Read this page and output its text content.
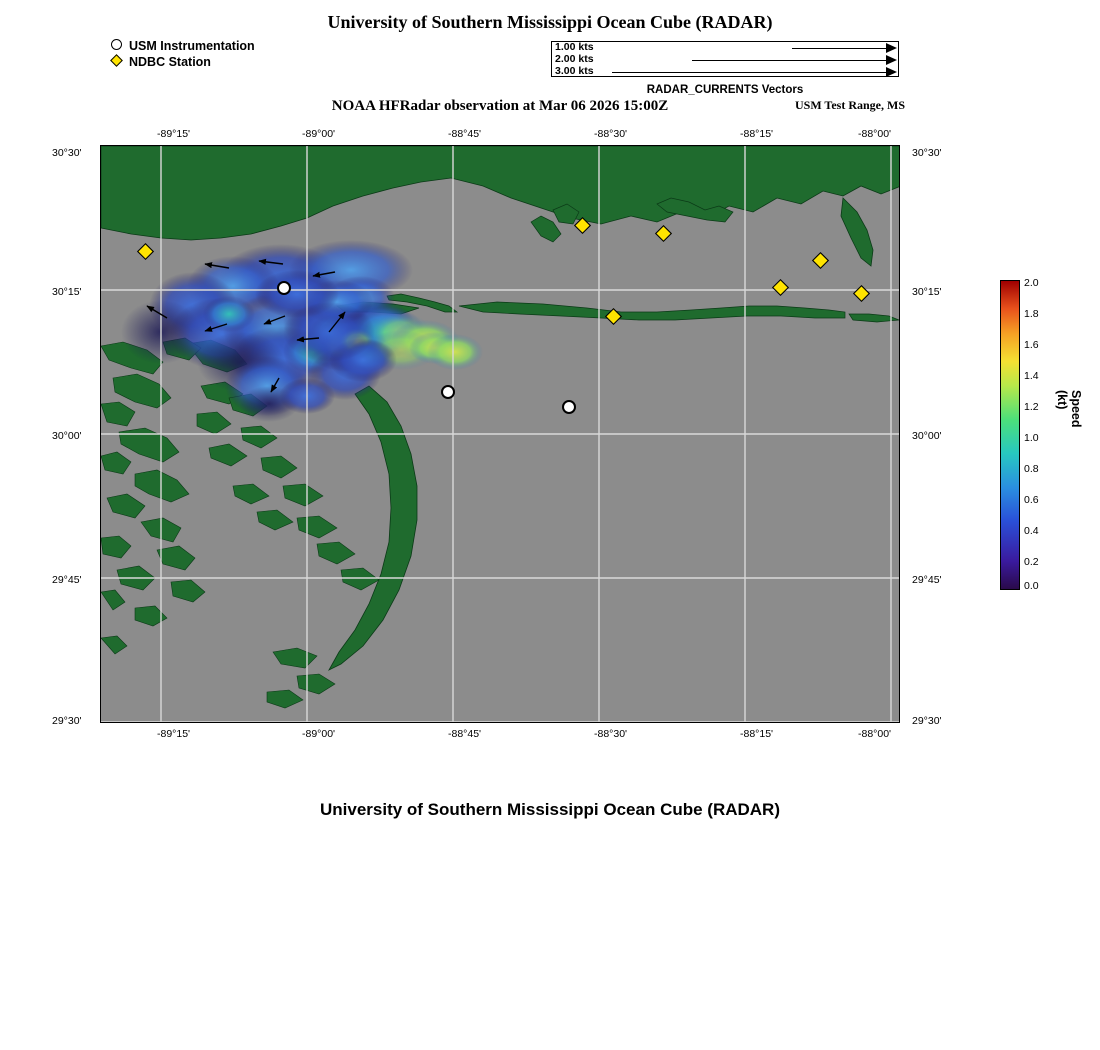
University of Southern Mississippi Ocean Cube (RADAR)
NOAA HFRadar observation at Mar 06 2026 15:00Z	USM Test Range, MS
University of Southern Mississippi Ocean Cube (RADAR)
USM Instrumentation
NDBC Station
1.00 kts
2.00 kts
3.00 kts
RADAR_CURRENTS Vectors
-89°15'	-89°00'	-88°45'	-88°30'	-88°15'	-88°00'
-89°15'	-89°00'	-88°45'	-88°30'	-88°15'	-88°00'
30°30'
30°15'
30°00'
29°45'
29°30'
30°30'
30°15'
30°00'
29°45'
29°30'
2.0
1.8
1.6
1.4
1.2
1.0
0.8
0.6
0.4
0.2
0.0
Speed (kt)
